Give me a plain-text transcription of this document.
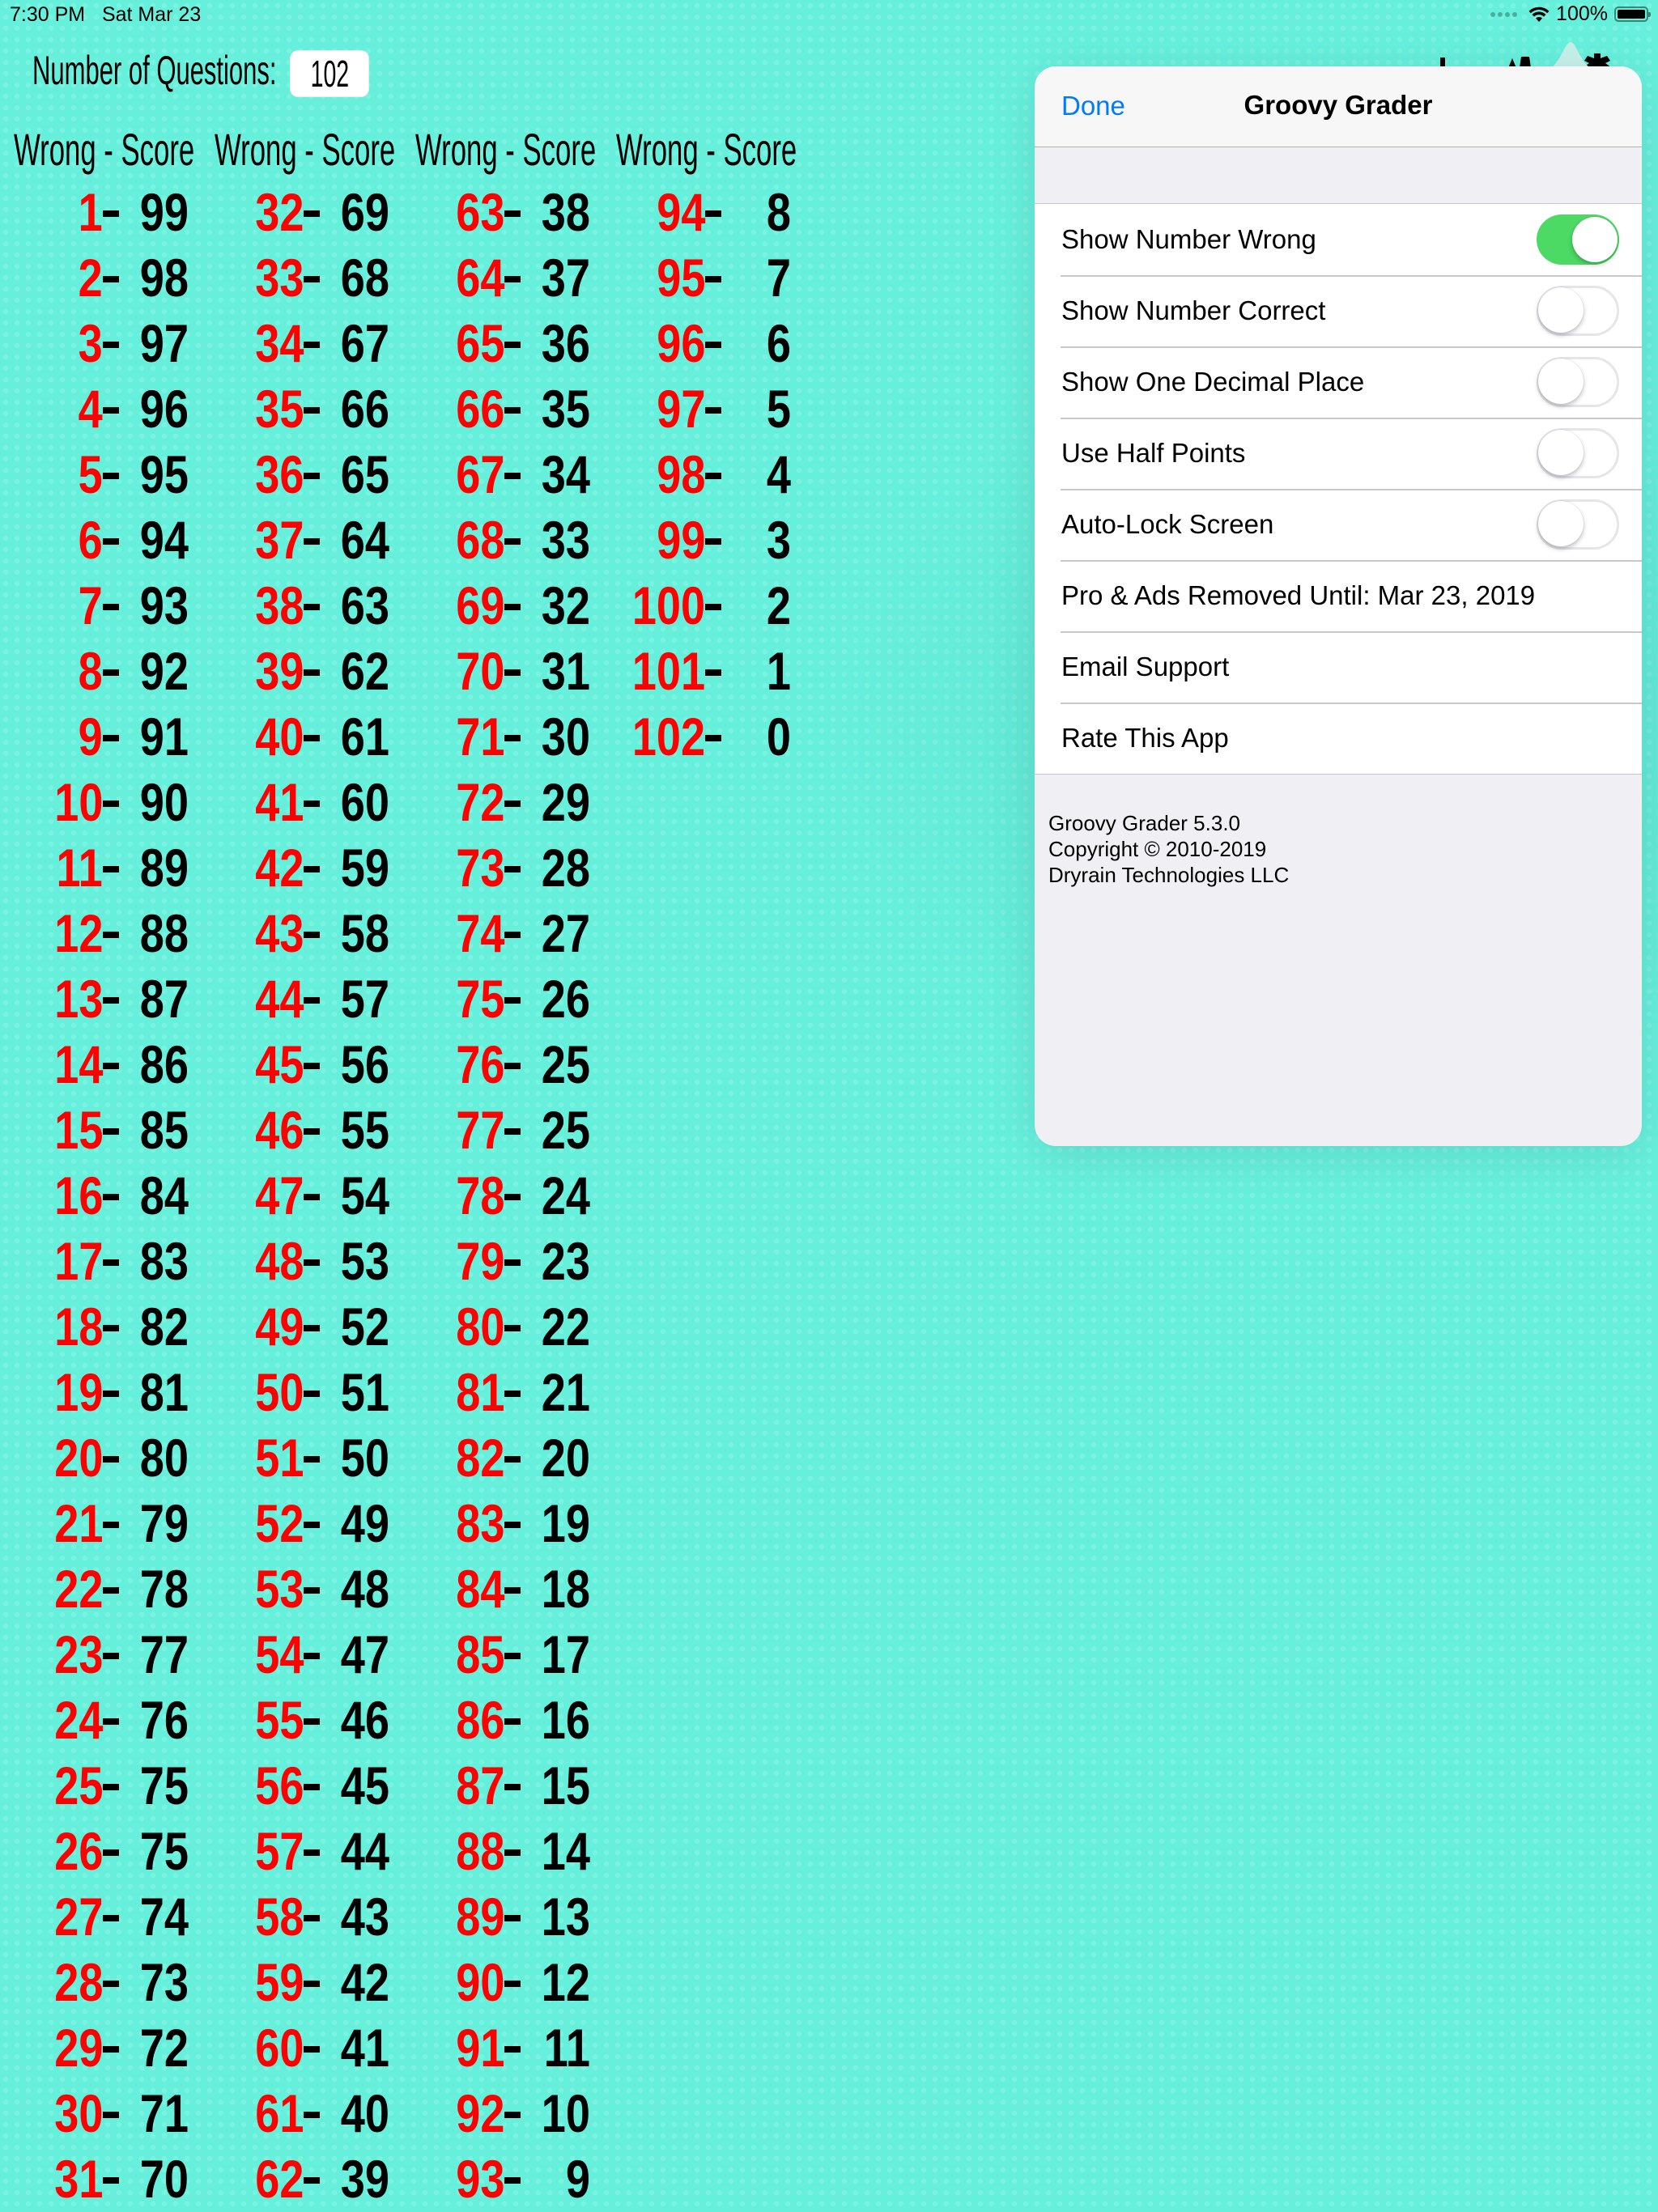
7:30 PM Sat Mar 23	100%
Number of Questions: 102
Wrong - Score Wrong - Score Wrong - Score Wrong - Score
1 99
2 98
3 97
4 96
5 95
6 94
7 93
8 92
9 91
10 90
11 89
12 88
13 87
14 86
15 85
16 84
17 83
18 82
19 81
20 80
21 79
22 78
23 77
24 76
25 75
26 75
27 74
28 73
29 72
30 71
31 70
32 69
33 68
34 67
35 66
36 65
37 64
38 63
39 62
40 61
41 60
42 59
43 58
44 57
45 56
46 55
47 54
48 53
49 52
50 51
51 50
52 49
53 48
54 47
55 46
56 45
57 44
58 43
59 42
60 41
61 40
62 39
63 38
64 37
65 36
66 35
67 34
68 33
69 32
70 31
71 30
72 29
73 28
74 27
75 26
76 25
77 25
78 24
79 23
80 22
81 21
82 20
83 19
84 18
85 17
86 16
87 15
88 14
89 13
90 12
91 11
92 10
93	9
94	8
95	7
96	6
97	5
98	4
99	3
100	2
101	1
102	0
Done	Groovy Grader
Show Number Wrong
Show Number Correct
Show One Decimal Place
Use Half Points
Auto-Lock Screen
Pro & Ads Removed Until: Mar 23, 2019
Email Support
Rate This App
Groovy Grader 5.3.0
Copyright © 2010-2019
Dryrain Technologies LLC
